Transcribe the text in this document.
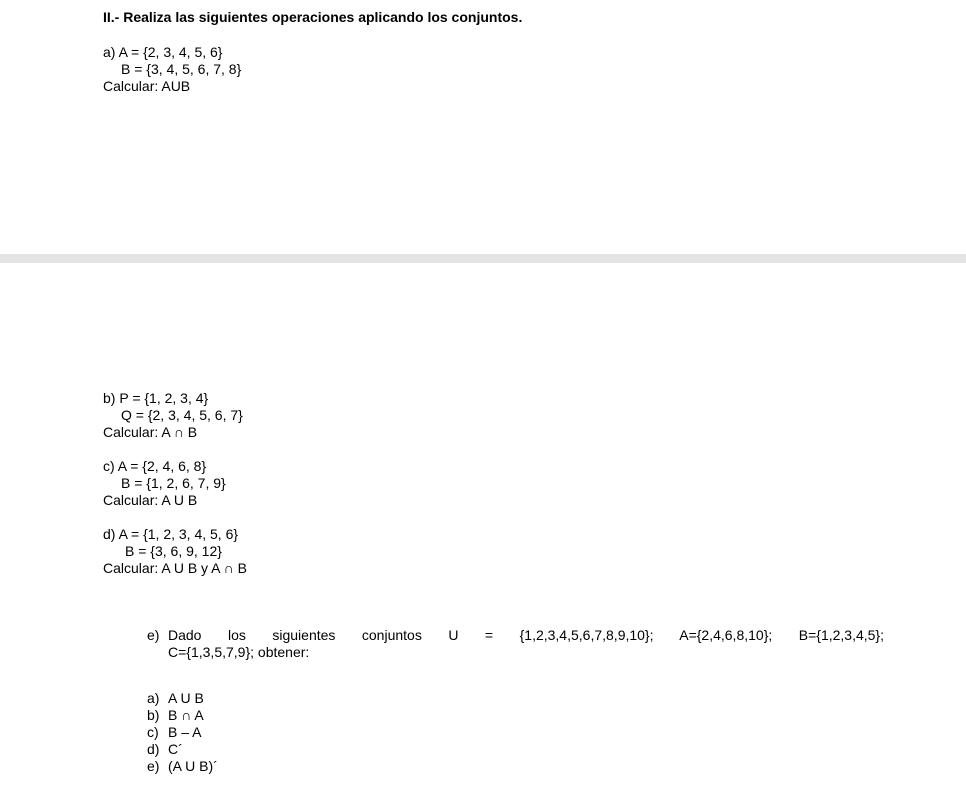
II.- Realiza las siguientes operaciones aplicando los conjuntos.
a) A = {2, 3, 4, 5, 6}
B = {3, 4, 5, 6, 7, 8}
Calcular: AUB
b) P = {1, 2, 3, 4}
Q = {2, 3, 4, 5, 6, 7}
Calcular: A ∩ B
c) A = {2, 4, 6, 8}
B = {1, 2, 6, 7, 9}
Calcular: A U B
d) A = {1, 2, 3, 4, 5, 6}
B = {3, 6, 9, 12}
Calcular: A U B y A ∩ B
e) Dado los siguientes conjuntos U = {1,2,3,4,5,6,7,8,9,10}; A={2,4,6,8,10}; B={1,2,3,4,5};
C={1,3,5,7,9}; obtener:
a) A U B
b) B ∩ A
c) B – A
d) C´
e) (A U B)´
